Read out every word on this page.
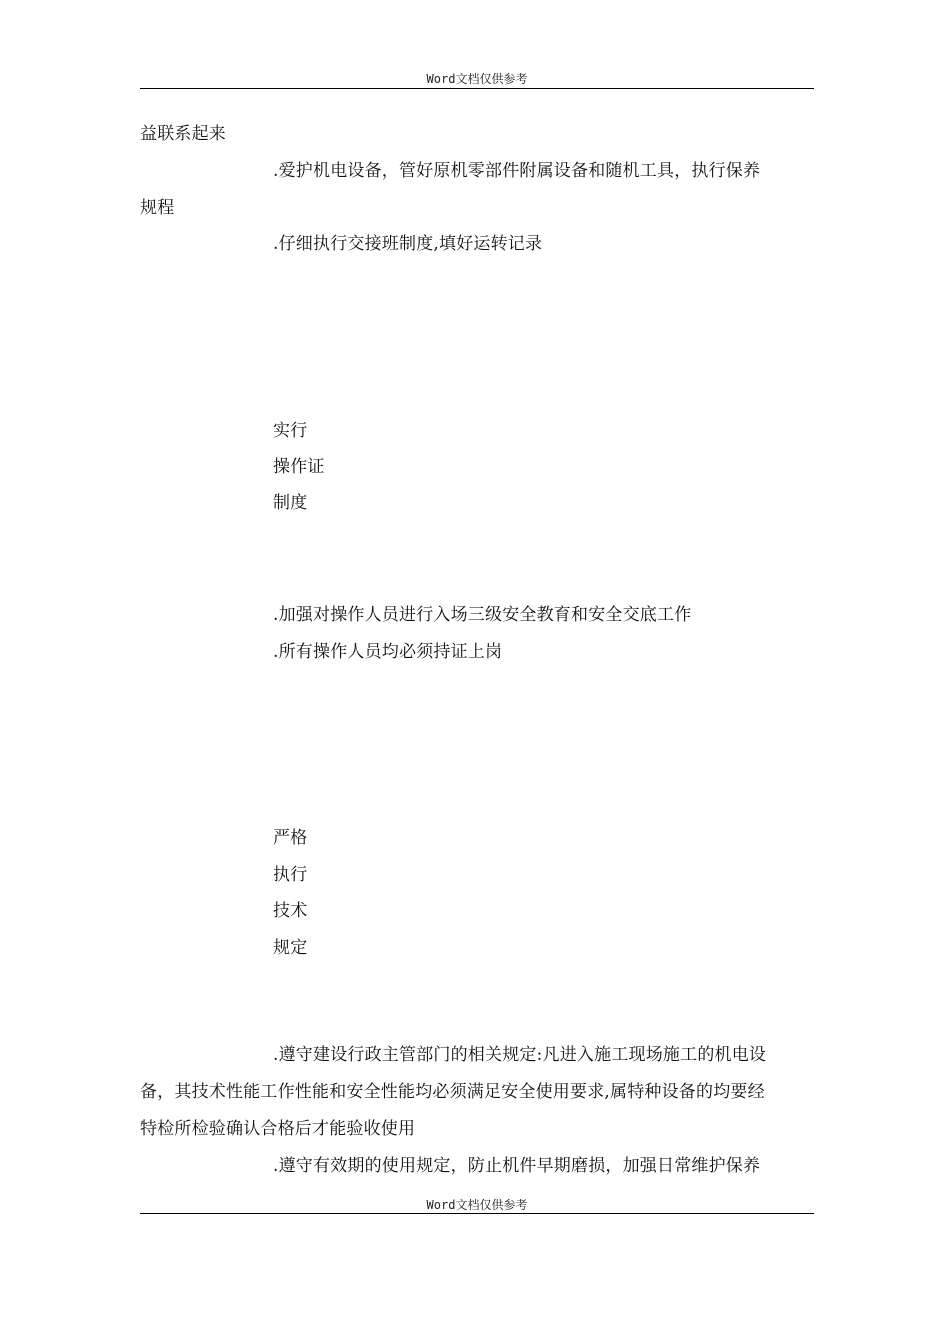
Word文档仅供参考
益联系起来
.爱护机电设备，管好原机零部件附属设备和随机工具，执行保养
规程
.仔细执行交接班制度,填好运转记录
实行
操作证
制度
.加强对操作人员进行入场三级安全教育和安全交底工作
.所有操作人员均必须持证上岗
严格
执行
技术
规定
.遵守建设行政主管部门的相关规定:凡进入施工现场施工的机电设
备，其技术性能工作性能和安全性能均必须满足安全使用要求,属特种设备的均要经
特检所检验确认合格后才能验收使用
.遵守有效期的使用规定，防止机件早期磨损，加强日常维护保养
Word文档仅供参考
